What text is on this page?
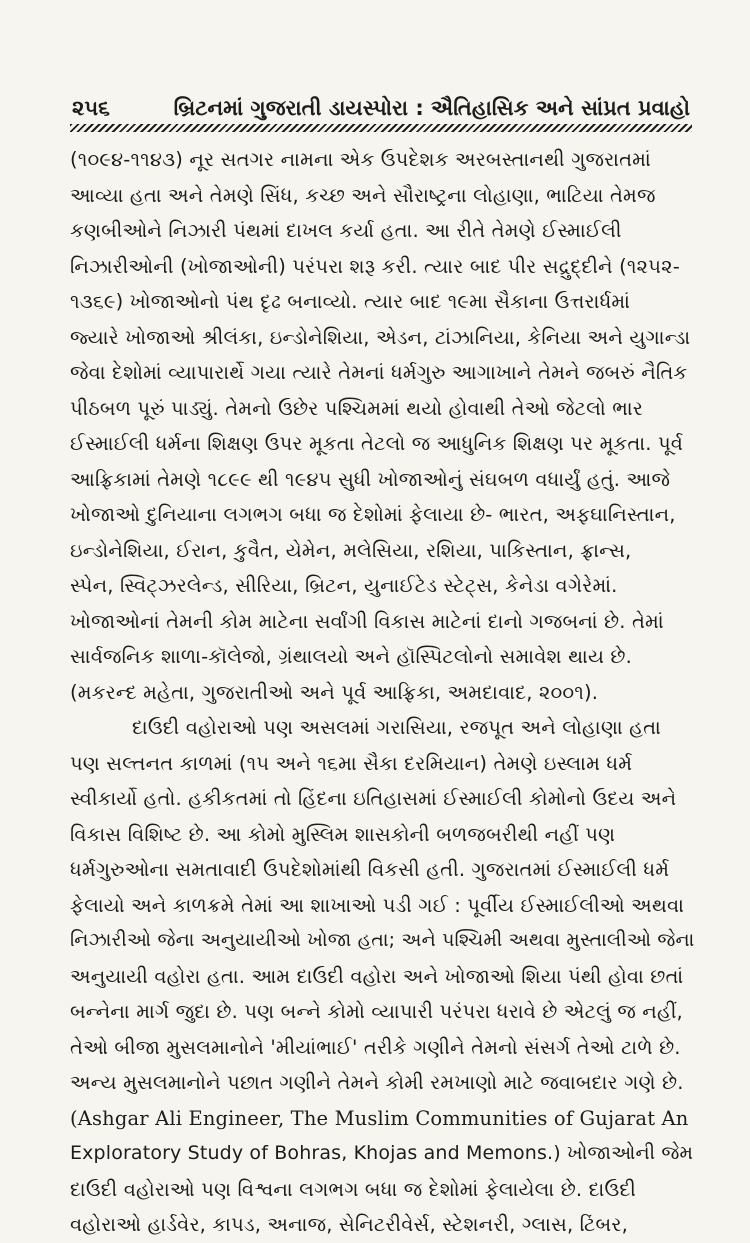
૨૫૬	બ્રિટનમાં ગુજરાતી ડાયસ્પોરા : ઐતિહાસિક અને સાંપ્રત પ્રવાહો
(૧૦૯૪-૧૧૪૩) નૂર સતગર નામના એક ઉપદેશક અરબસ્તાનથી ગુજરાતમાં
આવ્યા હતા અને તેમણે સિંધ, કચ્છ અને સૌરાષ્ટ્રના લોહાણા, ભાટિયા તેમજ
કણબીઓને નિઝારી પંથમાં દાખલ કર્યા હતા. આ રીતે તેમણે ઈસ્માઈલી
નિઝારીઓની (ખોજાઓની) પરંપરા શરૂ કરી. ત્યાર બાદ પીર સદ્રુદ્દીને (૧૨૫૨-
૧૩૬૯) ખોજાઓનો પંથ દૃઢ બનાવ્યો. ત્યાર બાદ ૧૯મા સૈકાના ઉત્તરાર્ધમાં
જ્યારે ખોજાઓ શ્રીલંકા, ઇન્ડોનેશિયા, એડન, ટાંઝાનિયા, કેનિયા અને યુગાન્ડા
જેવા દેશોમાં વ્યાપારાર્થે ગયા ત્યારે તેમનાં ધર્મગુરુ આગાખાને તેમને જબરું નૈતિક
પીઠબળ પૂરું પાડ્યું. તેમનો ઉછેર પશ્ચિમમાં થયો હોવાથી તેઓ જેટલો ભાર
ઈસ્માઈલી ધર્મના શિક્ષણ ઉપર મૂકતા તેટલો જ આધુનિક શિક્ષણ પર મૂકતા. પૂર્વ
આફ્રિકામાં તેમણે ૧૮૯૯ થી ૧૯૪૫ સુધી ખોજાઓનું સંઘબળ વધાર્યું હતું. આજે
ખોજાઓ દુનિયાના લગભગ બધા જ દેશોમાં ફેલાયા છે- ભારત, અફઘાનિસ્તાન,
ઇન્ડોનેશિયા, ઈરાન, કુવૈત, યેમેન, મલેસિયા, રશિયા, પાકિસ્તાન, ફ્રાન્સ,
સ્પેન, સ્વિટ્ઝરલેન્ડ, સીરિયા, બ્રિટન, યુનાઈટેડ સ્ટેટ્સ, કેનેડા વગેરેમાં.
ખોજાઓનાં તેમની કોમ માટેના સર્વાંગી વિકાસ માટેનાં દાનો ગજબનાં છે. તેમાં
સાર્વજનિક શાળા-કૉલેજો, ગ્રંથાલયો અને હૉસ્પિટલોનો સમાવેશ થાય છે.
(મકરન્દ મહેતા, ગુજરાતીઓ અને પૂર્વ આફ્રિકા, અમદાવાદ, ૨૦૦૧).
દાઉદી વહોરાઓ પણ અસલમાં ગરાસિયા, રજપૂત અને લોહાણા હતા
પણ સલ્તનત કાળમાં (૧૫ અને ૧૬મા સૈકા દરમિયાન) તેમણે ઇસ્લામ ધર્મ
સ્વીકાર્યો હતો. હકીકતમાં તો હિંદના ઇતિહાસમાં ઈસ્માઈલી કોમોનો ઉદય અને
વિકાસ વિશિષ્ટ છે. આ કોમો મુસ્લિમ શાસકોની બળજબરીથી નહીં પણ
ધર્મગુરુઓના સમતાવાદી ઉપદેશોમાંથી વિકસી હતી. ગુજરાતમાં ઈસ્માઈલી ધર્મ
ફેલાયો અને કાળક્રમે તેમાં આ શાખાઓ પડી ગઈ : પૂર્વીય ઈસ્માઈલીઓ અથવા
નિઝારીઓ જેના અનુયાયીઓ ખોજા હતા; અને પશ્ચિમી અથવા મુસ્તાલીઓ જેના
અનુયાયી વહોરા હતા. આમ દાઉદી વહોરા અને ખોજાઓ શિયા પંથી હોવા છતાં
બન્નેના માર્ગ જુદા છે. પણ બન્ને કોમો વ્યાપારી પરંપરા ધરાવે છે એટલું જ નહીં,
તેઓ બીજા મુસલમાનોને 'મીયાંભાઈ' તરીકે ગણીને તેમનો સંસર્ગ તેઓ ટાળે છે.
અન્ય મુસલમાનોને પછાત ગણીને તેમને કોમી રમખાણો માટે જવાબદાર ગણે છે.
(Ashgar Ali Engineer, The Muslim Communities of Gujarat An
Exploratory Study of Bohras, Khojas and Memons.) ખોજાઓની જેમ
દાઉદી વહોરાઓ પણ વિશ્વના લગભગ બધા જ દેશોમાં ફેલાયેલા છે. દાઉદી
વહોરાઓ હાર્ડવેર, કાપડ, અનાજ, સેનિટરીવેર્સ, સ્ટેશનરી, ગ્લાસ, ટિંબર,
